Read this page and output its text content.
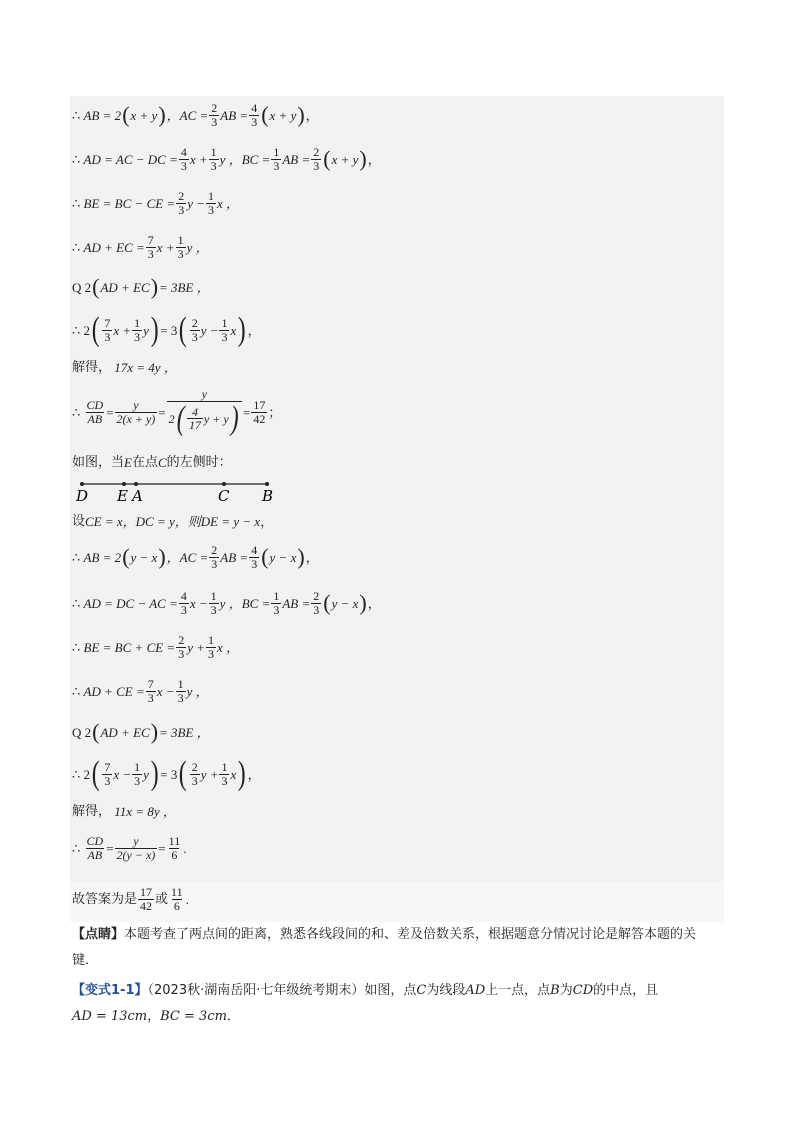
∴
AB = 2 ( x + y ) ，AC = $\frac{2}{3}$ AB = $\frac{4}{3}$ ( x + y ) ，
∴
AD = AC − DC = $\frac{4}{3}$ $x + \frac{1}{3}$ y ，BC = $\frac{1}{3}$ AB = $\frac{2}{3}$ ( x + y ) ，
∴
BE = BC − CE = $\frac{2}{3}$ $y - \frac{1}{3}$ x ，
∴
AD + EC = $\frac{7}{3}$ $x + \frac{1}{3}$ y ，
Q
2 ( AD + EC ) = 3BE ，
∴
2 ( $\frac{7}{3}$ $x + \frac{1}{3}$ y ) = 3 ( $\frac{2}{3}$ $y - \frac{1}{3}$ x ) ，
解得，
17x = 4y ，
∴
$\frac{CD}{AB} = \frac{y}{2(x + y)} = \frac{y}{2 ( \frac{4}{17} y + y )} = \frac{17}{42}$ ；
如图，当 E 在点 C 的左侧时：
D E A	C B
设 CE = x ，DC = y，则 DE = y − x ，
∴
AB = 2 ( y − x ) ，AC = $\frac{2}{3}$ AB = $\frac{4}{3}$ ( y − x ) ，
∴
AD = DC − AC = $\frac{4}{3}$ $x - \frac{1}{3}$ y ，BC = $\frac{1}{3}$ AB = $\frac{2}{3}$ ( y − x ) ，
∴
BE = BC + CE = $\frac{2}{3}$ $y + \frac{1}{3}$ x ，
∴
AD + CE = $\frac{7}{3}$ $x - \frac{1}{3}$ y ，
Q
2 ( AD + EC ) = 3BE ，
∴
2 ( $\frac{7}{3}$ $x - \frac{1}{3}$ y ) = 3 ( $\frac{2}{3}$ $y + \frac{1}{3}$ x ) ，
解得，
11x = 8y ，
∴
$\frac{CD}{AB} = \frac{y}{2(y - x)} = \frac{11}{6}$ .
故答案为是 $\frac{17}{42}$ 或 $\frac{11}{6}$ .
【点睛】本题考查了两点间的距离，熟悉各线段间的和、差及倍数关系，根据题意分情况讨论是解答本题的关键．
【变式1-1】（2023秋·湖南岳阳·七年级统考期末）如图，点C为线段AD上一点，点B为CD的中点，且
AD = 13cm，BC = 3cm．
